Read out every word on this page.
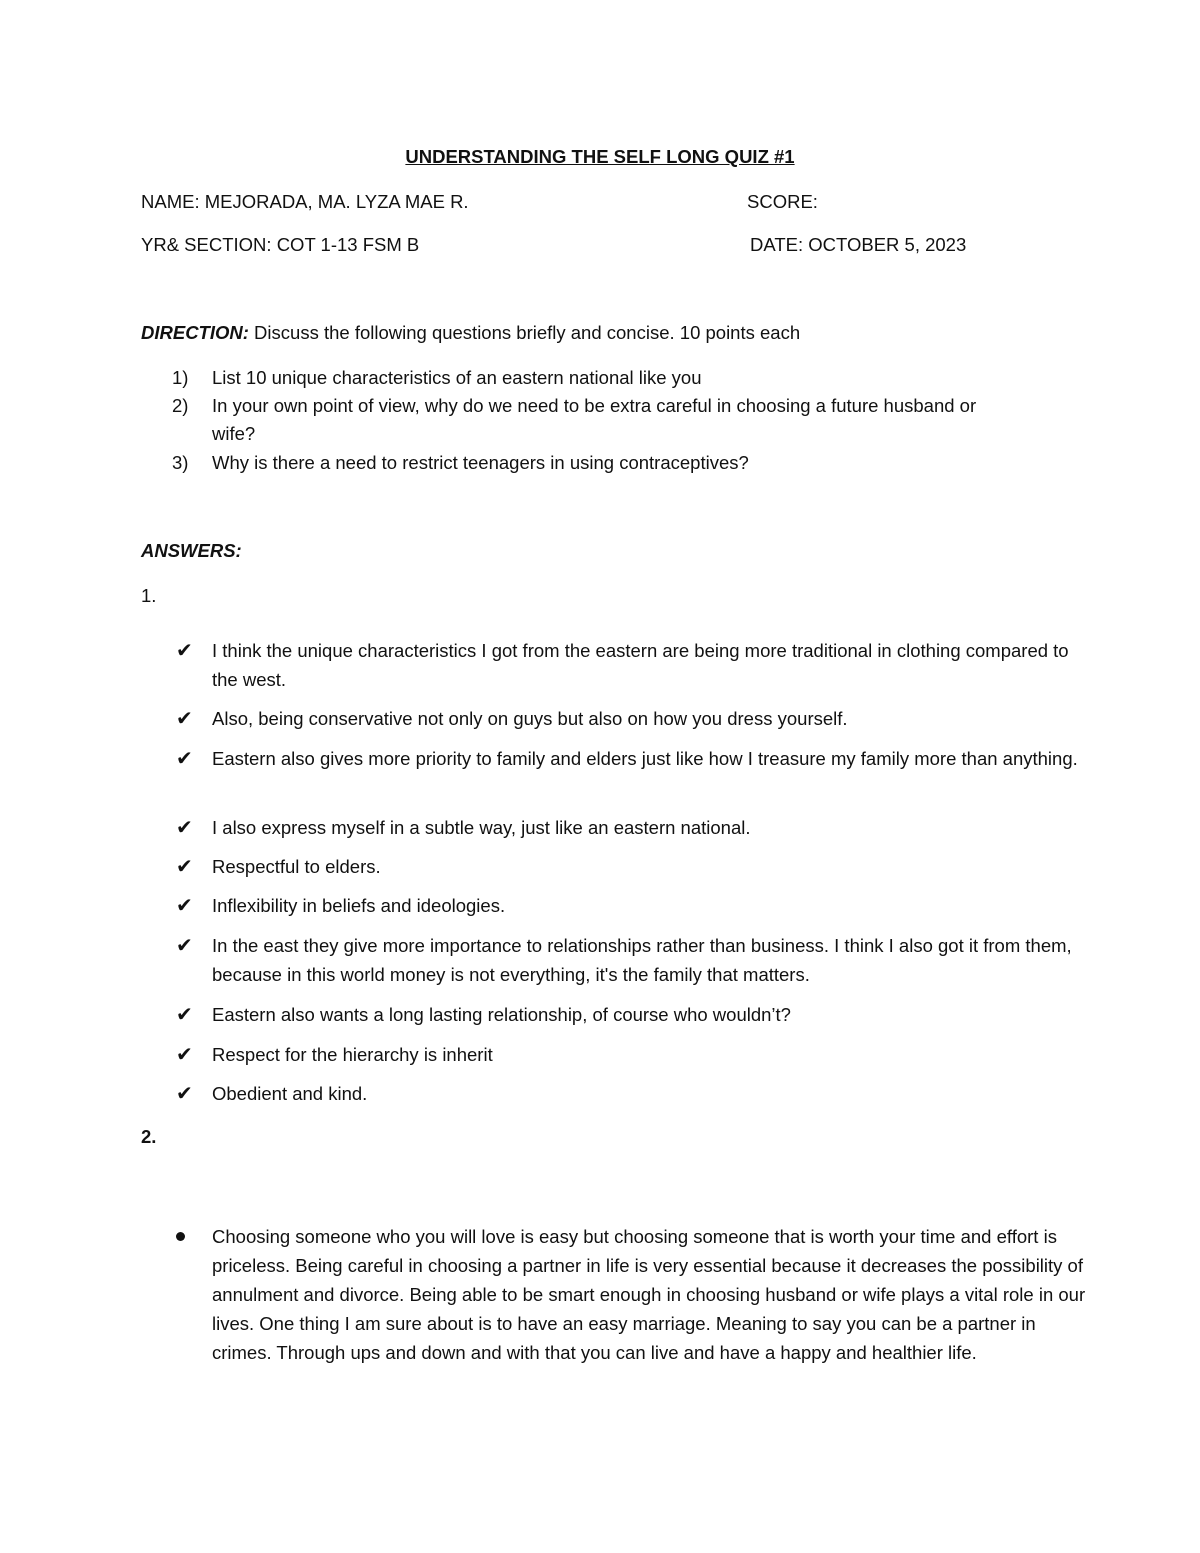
UNDERSTANDING THE SELF LONG QUIZ #1
NAME: MEJORADA, MA. LYZA MAE R.	SCORE:
YR& SECTION: COT 1-13 FSM B	DATE: OCTOBER 5, 2023
DIRECTION: Discuss the following questions briefly and concise. 10 points each
1) List 10 unique characteristics of an eastern national like you
2) In your own point of view, why do we need to be extra careful in choosing a future husband or
wife?
3) Why is there a need to restrict teenagers in using contraceptives?
ANSWERS:
1.
✔ I think the unique characteristics I got from the eastern are being more traditional in clothing compared to the west.
✔ Also, being conservative not only on guys but also on how you dress yourself.
✔ Eastern also gives more priority to family and elders just like how I treasure my family more than anything.
✔ I also express myself in a subtle way, just like an eastern national.
✔ Respectful to elders.
✔ Inflexibility in beliefs and ideologies.
✔ In the east they give more importance to relationships rather than business. I think I also got it from them, because in this world money is not everything, it's the family that matters.
✔ Eastern also wants a long lasting relationship, of course who wouldn’t?
✔ Respect for the hierarchy is inherit
✔ Obedient and kind.
2.
Choosing someone who you will love is easy but choosing someone that is worth your time and effort is priceless. Being careful in choosing a partner in life is very essential because it decreases the possibility of annulment and divorce. Being able to be smart enough in choosing husband or wife plays a vital role in our lives. One thing I am sure about is to have an easy marriage. Meaning to say you can be a partner in crimes. Through ups and down and with that you can live and have a happy and healthier life.
